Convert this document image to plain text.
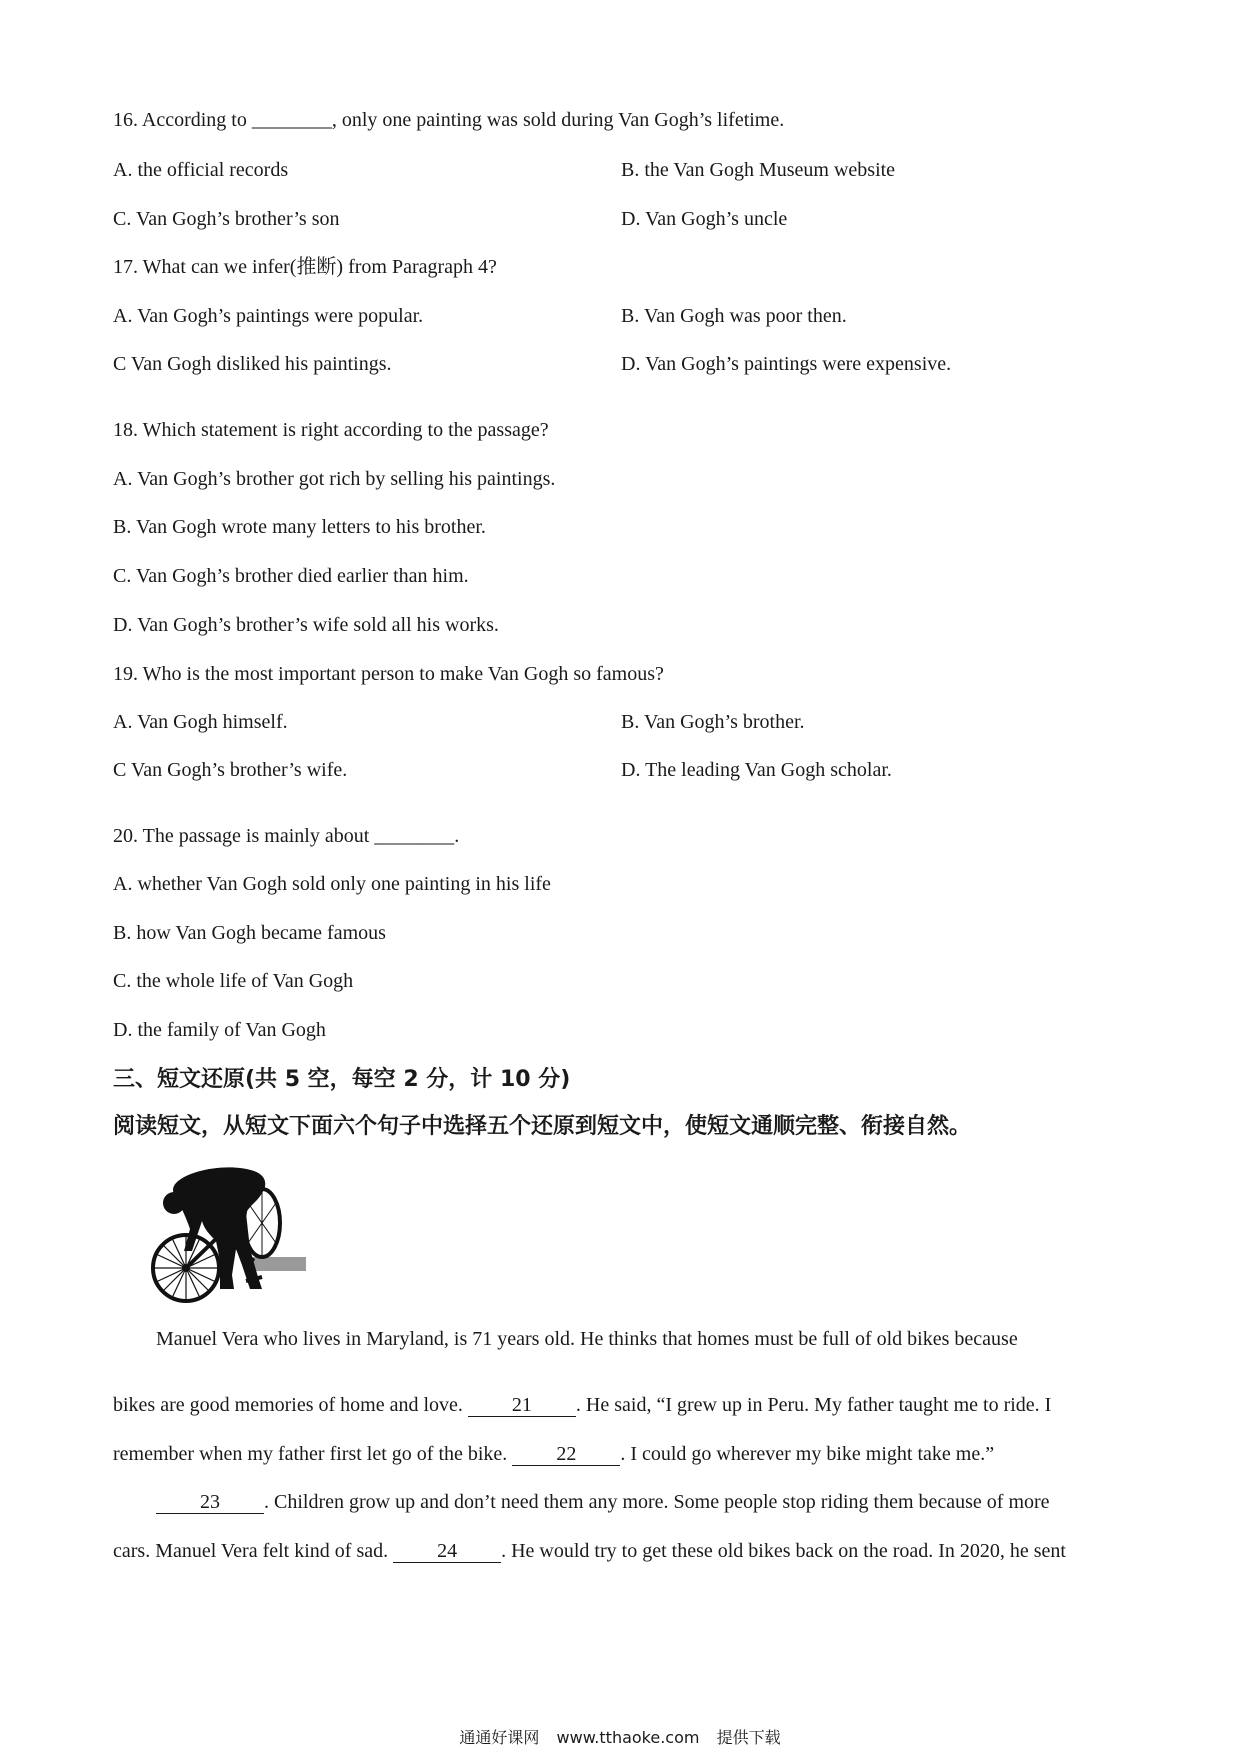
16. According to ________, only one painting was sold during Van Gogh’s lifetime.
A. the official records	B. the Van Gogh Museum website
C. Van Gogh’s brother’s son	D. Van Gogh’s uncle
17. What can we infer(推断) from Paragraph 4?
A. Van Gogh’s paintings were popular.	B. Van Gogh was poor then.
C Van Gogh disliked his paintings.	D. Van Gogh’s paintings were expensive.
18. Which statement is right according to the passage?
A. Van Gogh’s brother got rich by selling his paintings.
B. Van Gogh wrote many letters to his brother.
C. Van Gogh’s brother died earlier than him.
D. Van Gogh’s brother’s wife sold all his works.
19. Who is the most important person to make Van Gogh so famous?
A. Van Gogh himself.	B. Van Gogh’s brother.
C Van Gogh’s brother’s wife.	D. The leading Van Gogh scholar.
20. The passage is mainly about ________.
A. whether Van Gogh sold only one painting in his life
B. how Van Gogh became famous
C. the whole life of Van Gogh
D. the family of Van Gogh
三、短文还原(共 5 空，每空 2 分，计 10 分)
阅读短文，从短文下面六个句子中选择五个还原到短文中，使短文通顺完整、衔接自然。
Manuel Vera who lives in Maryland, is 71 years old. He thinks that homes must be full of old bikes because
bikes are good memories of home and love. 21 . He said, “I grew up in Peru. My father taught me to ride. I
remember when my father first let go of the bike. 22 . I could go wherever my bike might take me.”
23 . Children grow up and don’t need them any more. Some people stop riding them because of more
cars. Manuel Vera felt kind of sad. 24 . He would try to get these old bikes back on the road. In 2020, he sent
通通好课网 www.tthaoke.com 提供下载
